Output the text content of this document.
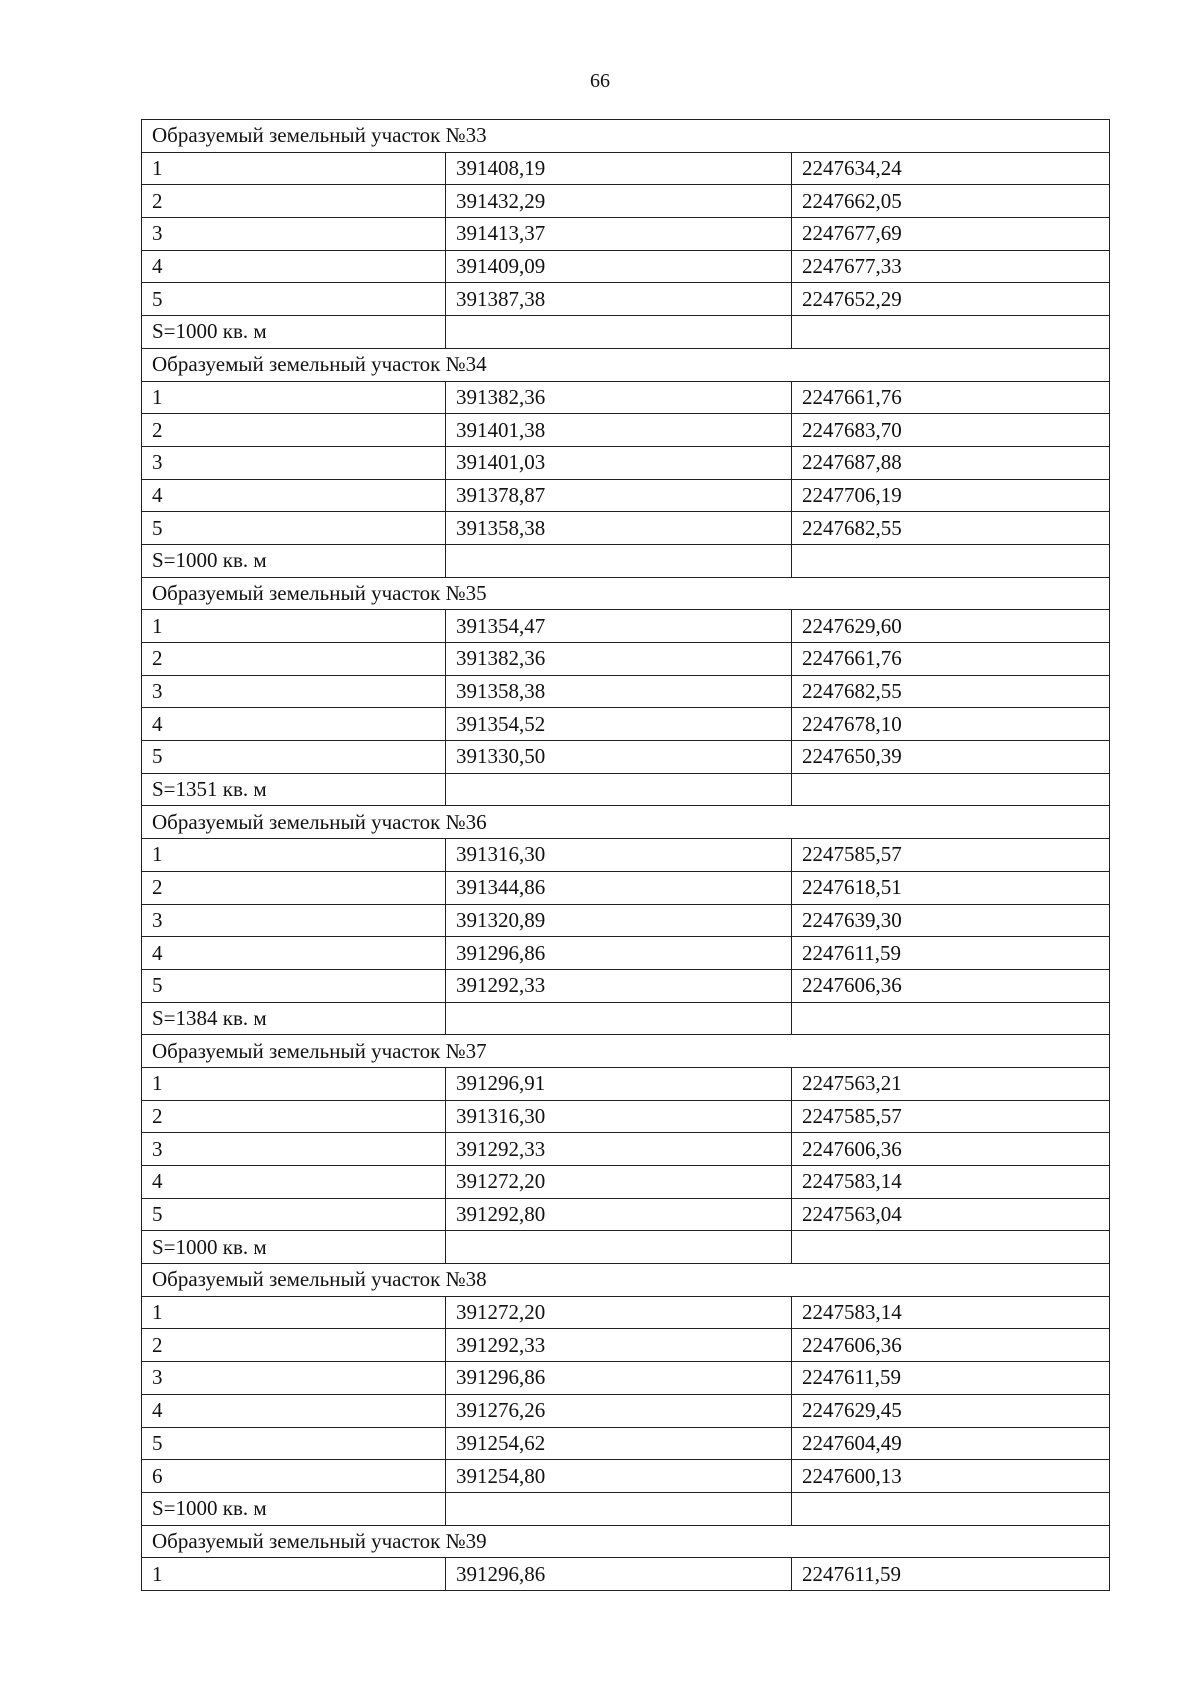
66
Образуемый земельный участок №33		
1	391408,19	2247634,24
2	391432,29	2247662,05
3	391413,37	2247677,69
4	391409,09	2247677,33
5	391387,38	2247652,29
S=1000 кв. м		
Образуемый земельный участок №34		
1	391382,36	2247661,76
2	391401,38	2247683,70
3	391401,03	2247687,88
4	391378,87	2247706,19
5	391358,38	2247682,55
S=1000 кв. м		
Образуемый земельный участок №35		
1	391354,47	2247629,60
2	391382,36	2247661,76
3	391358,38	2247682,55
4	391354,52	2247678,10
5	391330,50	2247650,39
S=1351 кв. м		
Образуемый земельный участок №36		
1	391316,30	2247585,57
2	391344,86	2247618,51
3	391320,89	2247639,30
4	391296,86	2247611,59
5	391292,33	2247606,36
S=1384 кв. м		
Образуемый земельный участок №37		
1	391296,91	2247563,21
2	391316,30	2247585,57
3	391292,33	2247606,36
4	391272,20	2247583,14
5	391292,80	2247563,04
S=1000 кв. м		
Образуемый земельный участок №38		
1	391272,20	2247583,14
2	391292,33	2247606,36
3	391296,86	2247611,59
4	391276,26	2247629,45
5	391254,62	2247604,49
6	391254,80	2247600,13
S=1000 кв. м		
Образуемый земельный участок №39		
1	391296,86	2247611,59
